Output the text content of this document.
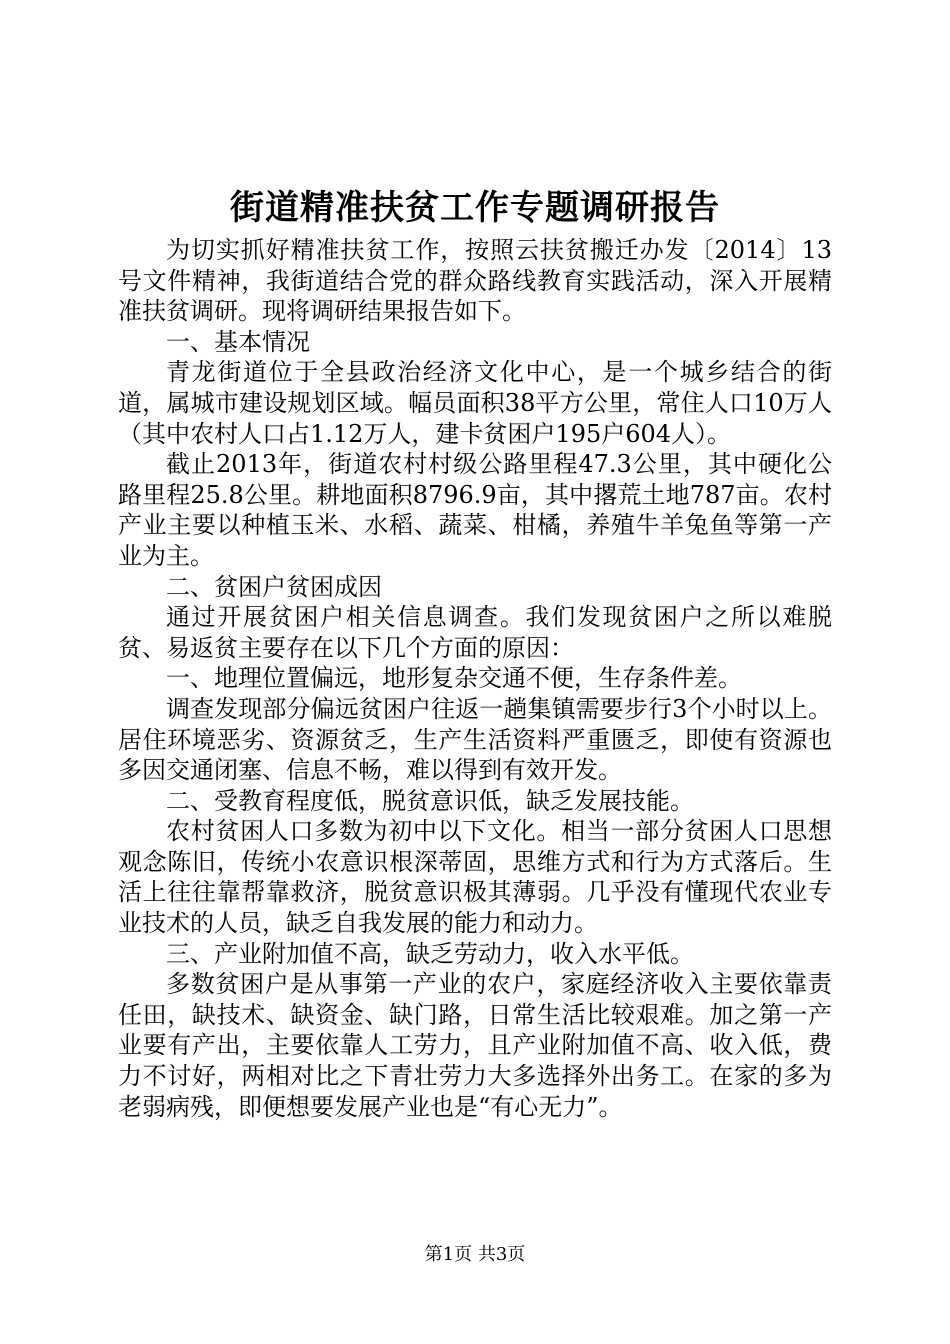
街道精准扶贫工作专题调研报告

为切实抓好精准扶贫工作，按照云扶贫搬迁办发〔2014〕13号文件精神，我街道结合党的群众路线教育实践活动，深入开展精准扶贫调研。现将调研结果报告如下。

一、基本情况

青龙街道位于全县政治经济文化中心，是一个城乡结合的街道，属城市建设规划区域。幅员面积38平方公里，常住人口10万人（其中农村人口占1.12万人，建卡贫困户195户604人）。

截止2013年，街道农村村级公路里程47.3公里，其中硬化公路里程25.8公里。耕地面积8796.9亩，其中撂荒土地787亩。农村产业主要以种植玉米、水稻、蔬菜、柑橘，养殖牛羊兔鱼等第一产业为主。

二、贫困户贫困成因

通过开展贫困户相关信息调查。我们发现贫困户之所以难脱贫、易返贫主要存在以下几个方面的原因：

一、地理位置偏远，地形复杂交通不便，生存条件差。

调查发现部分偏远贫困户往返一趟集镇需要步行3个小时以上。居住环境恶劣、资源贫乏，生产生活资料严重匮乏，即使有资源也多因交通闭塞、信息不畅，难以得到有效开发。

二、受教育程度低，脱贫意识低，缺乏发展技能。

农村贫困人口多数为初中以下文化。相当一部分贫困人口思想观念陈旧，传统小农意识根深蒂固，思维方式和行为方式落后。生活上往往靠帮靠救济，脱贫意识极其薄弱。几乎没有懂现代农业专业技术的人员，缺乏自我发展的能力和动力。

三、产业附加值不高，缺乏劳动力，收入水平低。

多数贫困户是从事第一产业的农户，家庭经济收入主要依靠责任田，缺技术、缺资金、缺门路，日常生活比较艰难。加之第一产业要有产出，主要依靠人工劳力，且产业附加值不高、收入低，费力不讨好，两相对比之下青壮劳力大多选择外出务工。在家的多为老弱病残，即便想要发展产业也是“有心无力”。

第1页 共3页
